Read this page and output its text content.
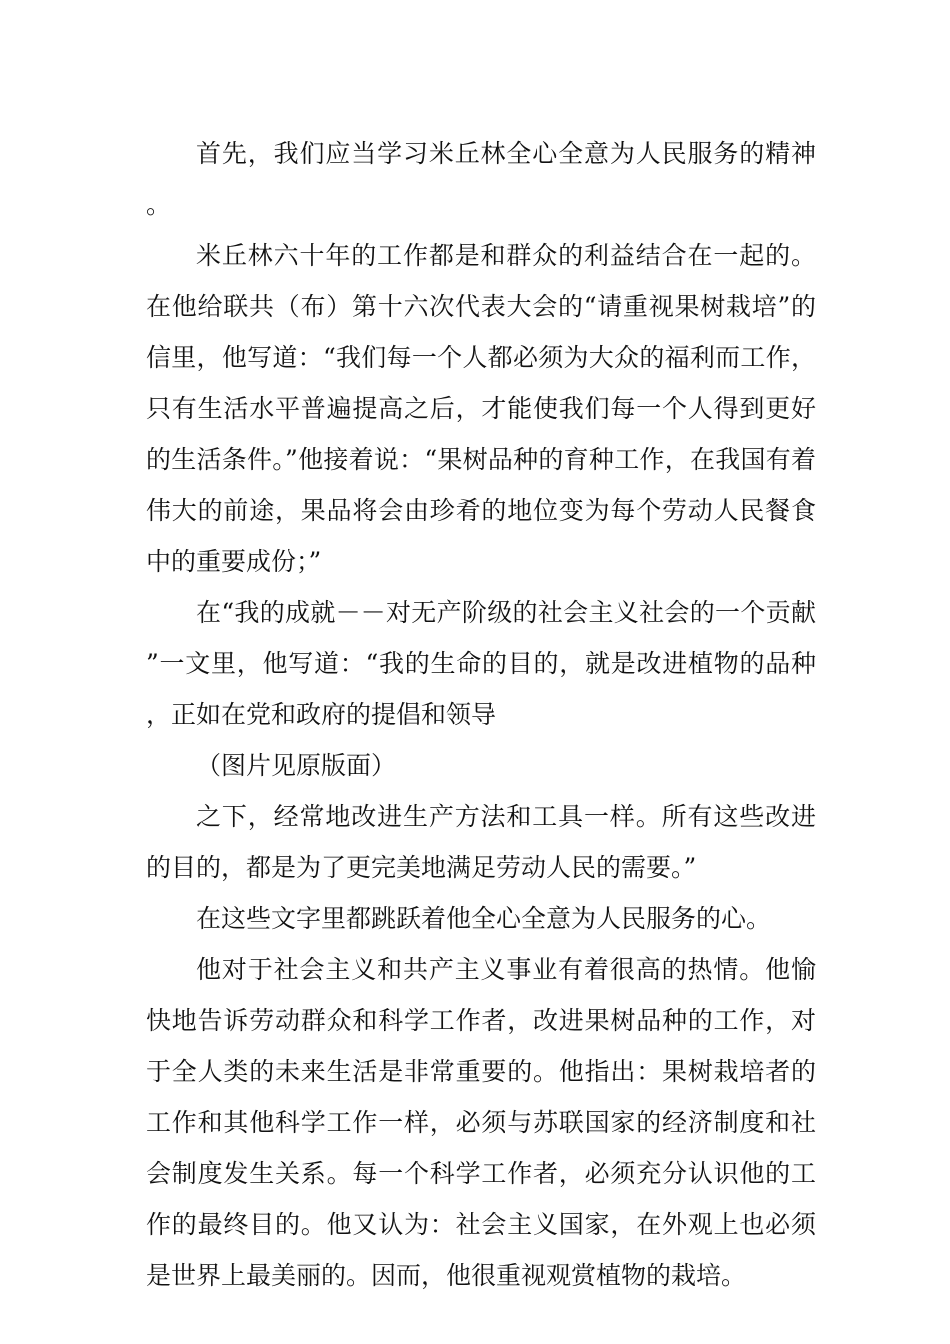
首先，我们应当学习米丘林全心全意为人民服务的精神。

米丘林六十年的工作都是和群众的利益结合在一起的。在他给联共（布）第十六次代表大会的“请重视果树栽培”的信里，他写道：“我们每一个人都必须为大众的福利而工作，只有生活水平普遍提高之后，才能使我们每一个人得到更好的生活条件。”他接着说：“果树品种的育种工作，在我国有着伟大的前途，果品将会由珍肴的地位变为每个劳动人民餐食中的重要成份；”

在“我的成就－－对无产阶级的社会主义社会的一个贡献”一文里，他写道：“我的生命的目的，就是改进植物的品种，正如在党和政府的提倡和领导

（图片见原版面）

之下，经常地改进生产方法和工具一样。所有这些改进的目的，都是为了更完美地满足劳动人民的需要。”

在这些文字里都跳跃着他全心全意为人民服务的心。

他对于社会主义和共产主义事业有着很高的热情。他愉快地告诉劳动群众和科学工作者，改进果树品种的工作，对于全人类的未来生活是非常重要的。他指出：果树栽培者的工作和其他科学工作一样，必须与苏联国家的经济制度和社会制度发生关系。每一个科学工作者，必须充分认识他的工作的最终目的。他又认为：社会主义国家，在外观上也必须是世界上最美丽的。因而，他很重视观赏植物的栽培。
